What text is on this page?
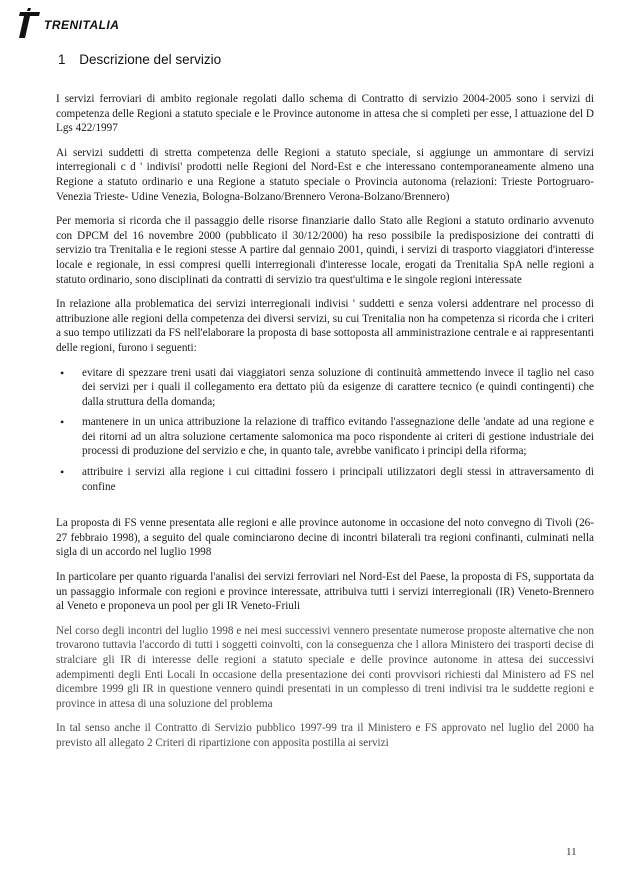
TRENITALIA
1 Descrizione del servizio

I servizi ferroviari di ambito regionale regolati dallo schema di Contratto di servizio 2004-2005 sono i servizi di competenza delle Regioni a statuto speciale e le Province autonome in attesa che si completi per esse, l attuazione del D Lgs 422/1997

Ai servizi suddetti di stretta competenza delle Regioni a statuto speciale, si aggiunge un ammontare di servizi interregionali c d ' indivisi' prodotti nelle Regioni del Nord-Est e che interessano contemporaneamente almeno una Regione a statuto ordinario e una Regione a statuto speciale o Provincia autonoma (relazioni: Trieste Portogruaro-Venezia Trieste- Udine Venezia, Bologna-Bolzano/Brennero Verona-Bolzano/Brennero)

Per memoria si ricorda che il passaggio delle risorse finanziarie dallo Stato alle Regioni a statuto ordinario avvenuto con DPCM del 16 novembre 2000 (pubblicato il 30/12/2000) ha reso possibile la predisposizione dei contratti di servizio tra Trenitalia e le regioni stesse A partire dal gennaio 2001, quindi, i servizi di trasporto viaggiatori d'interesse locale e regionale, in essi compresi quelli interregionali d'interesse locale, erogati da Trenitalia SpA nelle regioni a statuto ordinario, sono disciplinati da contratti di servizio tra quest'ultima e le singole regioni interessate

In relazione alla problematica dei servizi interregionali indivisi ' suddetti e senza volersi addentrare nel processo di attribuzione alle regioni della competenza dei diversi servizi, su cui Trenitalia non ha competenza si ricorda che i criteri a suo tempo utilizzati da FS nell'elaborare la proposta di base sottoposta all amministrazione centrale e ai rappresentanti delle regioni, furono i seguenti:

• evitare di spezzare treni usati dai viaggiatori senza soluzione di continuità ammettendo invece il taglio nel caso dei servizi per i quali il collegamento era dettato più da esigenze di carattere tecnico (e quindi contingenti) che dalla struttura della domanda;
• mantenere in un unica attribuzione la relazione di traffico evitando l'assegnazione delle 'andate ad una regione e dei ritorni ad un altra soluzione certamente salomonica ma poco rispondente ai criteri di gestione industriale dei processi di produzione del servizio e che, in quanto tale, avrebbe vanificato i principi della riforma;
• attribuire i servizi alla regione i cui cittadini fossero i principali utilizzatori degli stessi in attraversamento di confine

La proposta di FS venne presentata alle regioni e alle province autonome in occasione del noto convegno di Tivoli (26-27 febbraio 1998), a seguito del quale cominciarono decine di incontri bilaterali tra regioni confinanti, culminati nella sigla di un accordo nel luglio 1998

In particolare per quanto riguarda l'analisi dei servizi ferroviari nel Nord-Est del Paese, la proposta di FS, supportata da un passaggio informale con regioni e province interessate, attribuiva tutti i servizi interregionali (IR) Veneto-Brennero al Veneto e proponeva un pool per gli IR Veneto-Friuli

Nel corso degli incontri del luglio 1998 e nei mesi successivi vennero presentate numerose proposte alternative che non trovarono tuttavia l'accordo di tutti i soggetti coinvolti, con la conseguenza che l allora Ministero dei trasporti decise di stralciare gli IR di interesse delle regioni a statuto speciale e delle province autonome in attesa dei successivi adempimenti degli Enti Locali In occasione della presentazione dei conti provvisori richiesti dal Ministero ad FS nel dicembre 1999 gli IR in questione vennero quindi presentati in un complesso di treni indivisi tra le suddette regioni e province in attesa di una soluzione del problema

In tal senso anche il Contratto di Servizio pubblico 1997-99 tra il Ministero e FS approvato nel luglio del 2000 ha previsto all allegato 2 Criteri di ripartizione con apposita postilla ai servizi

11
